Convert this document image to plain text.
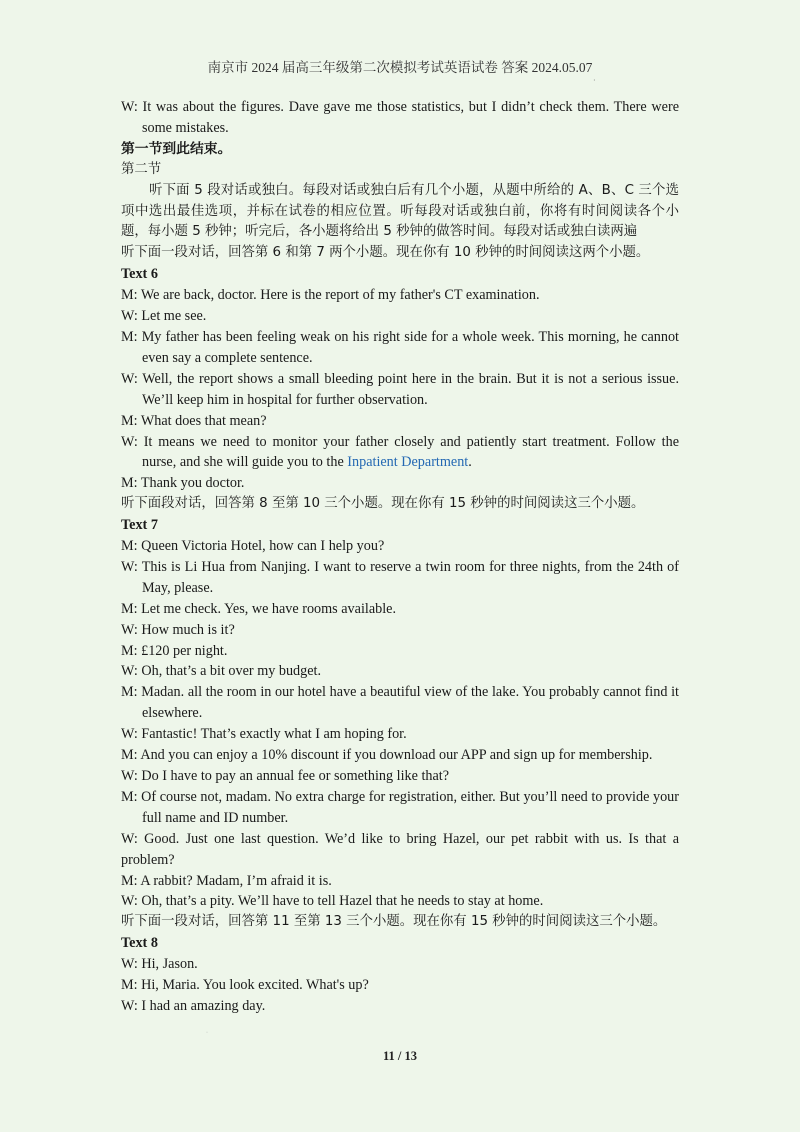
南京市 2024 届高三年级第二次模拟考试英语试卷 答案 2024.05.07
·

W: It was about the figures. Dave gave me those statistics, but I didn’t check them. There were some mistakes.

第一节到此结束。

第二节

听下面 5 段对话或独白。每段对话或独白后有几个小题，从题中所给的 A、B、C 三个选项中选出最佳选项，并标在试卷的相应位置。听每段对话或独白前，你将有时间阅读各个小题，每小题 5 秒钟；听完后，各小题将给出 5 秒钟的做答时间。每段对话或独白读两遍

听下面一段对话，回答第 6 和第 7 两个小题。现在你有 10 秒钟的时间阅读这两个小题。

Text 6

M: We are back, doctor. Here is the report of my father's CT examination.

W: Let me see.

M: My father has been feeling weak on his right side for a whole week. This morning, he cannot even say a complete sentence.

W: Well, the report shows a small bleeding point here in the brain. But it is not a serious issue. We’ll keep him in hospital for further observation.

M: What does that mean?

W: It means we need to monitor your father closely and patiently start treatment. Follow the nurse, and she will guide you to the Inpatient Department.

M: Thank you doctor.

听下面段对话，回答第 8 至第 10 三个小题。现在你有 15 秒钟的时间阅读这三个小题。

Text 7

M: Queen Victoria Hotel, how can I help you?

W: This is Li Hua from Nanjing. I want to reserve a twin room for three nights, from the 24th of May, please.

M: Let me check. Yes, we have rooms available.

W: How much is it?

M: £120 per night.

W: Oh, that’s a bit over my budget.

M: Madan. all the room in our hotel have a beautiful view of the lake. You probably cannot find it elsewhere.

W: Fantastic! That’s exactly what I am hoping for.

M: And you can enjoy a 10% discount if you download our APP and sign up for membership.

W: Do I have to pay an annual fee or something like that?

M: Of course not, madam. No extra charge for registration, either. But you’ll need to provide your full name and ID number.

W: Good. Just one last question. We’d like to bring Hazel, our pet rabbit with us. Is that a problem?

M: A rabbit? Madam, I’m afraid it is.

W: Oh, that’s a pity. We’ll have to tell Hazel that he needs to stay at home.

听下面一段对话，回答第 11 至第 13 三个小题。现在你有 15 秒钟的时间阅读这三个小题。

Text 8

W: Hi, Jason.

M: Hi, Maria. You look excited. What's up?

W: I had an amazing day.

·
11 / 13
